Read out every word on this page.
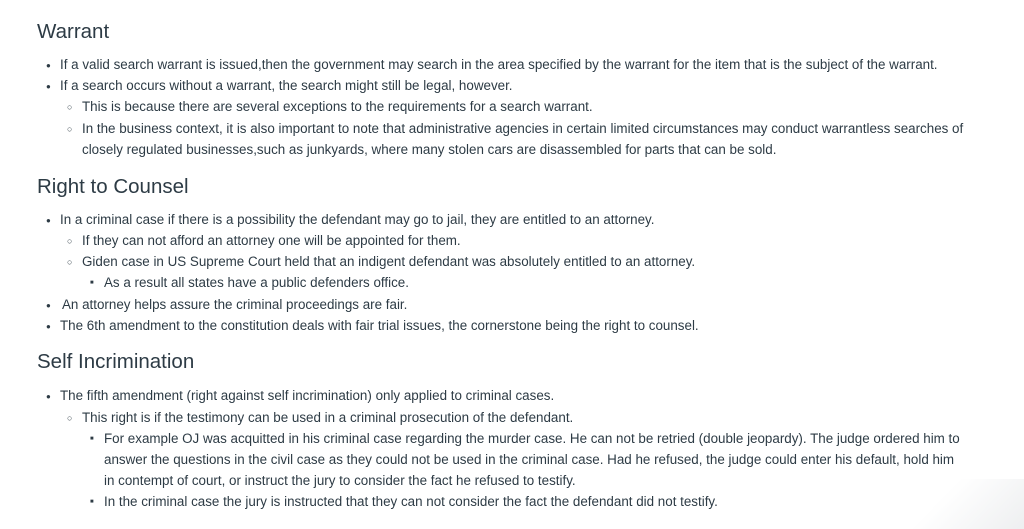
Warrant
●
If a valid search warrant is issued,then the government may search in the area specified by the warrant for the item that is the subject of the warrant.
●
If a search occurs without a warrant, the search might still be legal, however.
○
This is because there are several exceptions to the requirements for a search warrant.
○
In the business context, it is also important to note that administrative agencies in certain limited circumstances may conduct warrantless searches of
closely regulated businesses,such as junkyards, where many stolen cars are disassembled for parts that can be sold.
Right to Counsel
●
In a criminal case if there is a possibility the defendant may go to jail, they are entitled to an attorney.
○
If they can not afford an attorney one will be appointed for them.
○
Giden case in US Supreme Court held that an indigent defendant was absolutely entitled to an attorney.
■
As a result all states have a public defenders office.
●
An attorney helps assure the criminal proceedings are fair.
●
The 6th amendment to the constitution deals with fair trial issues, the cornerstone being the right to counsel.
Self Incrimination
●
The fifth amendment (right against self incrimination) only applied to criminal cases.
○
This right is if the testimony can be used in a criminal prosecution of the defendant.
■
For example OJ was acquitted in his criminal case regarding the murder case. He can not be retried (double jeopardy). The judge ordered him to
answer the questions in the civil case as they could not be used in the criminal case. Had he refused, the judge could enter his default, hold him
in contempt of court, or instruct the jury to consider the fact he refused to testify.
■
In the criminal case the jury is instructed that they can not consider the fact the defendant did not testify.
